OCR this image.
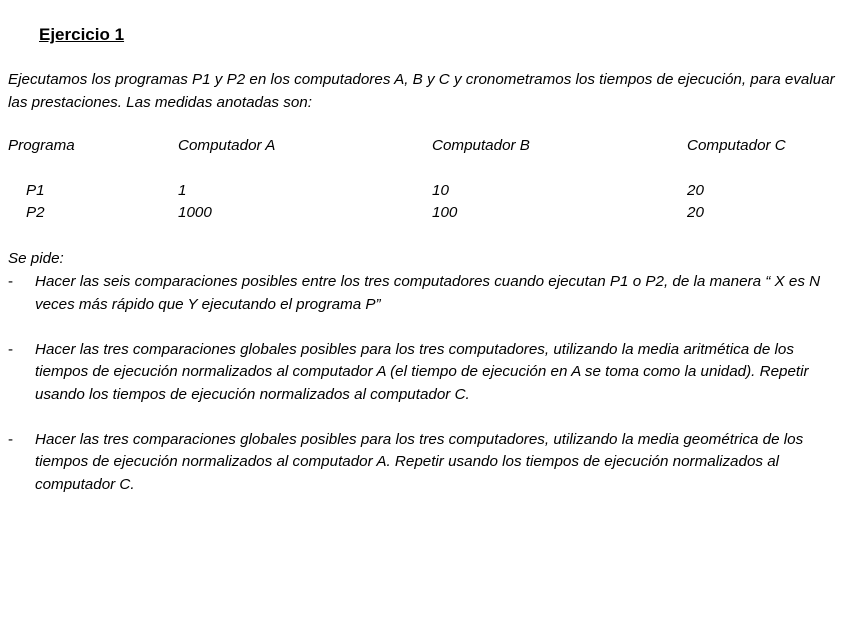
Ejercicio 1

Ejecutamos los programas P1 y P2 en los computadores A, B y C y cronometramos los tiempos de ejecución, para evaluar las prestaciones. Las medidas anotadas son:

Programa	Computador A	Computador B	Computador C
P1	1	10	20
P2	1000	100	20

Se pide:

- Hacer las seis comparaciones posibles entre los tres computadores cuando ejecutan P1 o P2, de la manera “ X es N veces más rápido que Y ejecutando el programa P”
- Hacer las tres comparaciones globales posibles para los tres computadores, utilizando la media aritmética de los tiempos de ejecución normalizados al computador A (el tiempo de ejecución en A se toma como la unidad). Repetir usando los tiempos de ejecución normalizados al computador C.
- Hacer las tres comparaciones globales posibles para los tres computadores, utilizando la media geométrica de los tiempos de ejecución normalizados al computador A. Repetir usando los tiempos de ejecución normalizados al computador C.
